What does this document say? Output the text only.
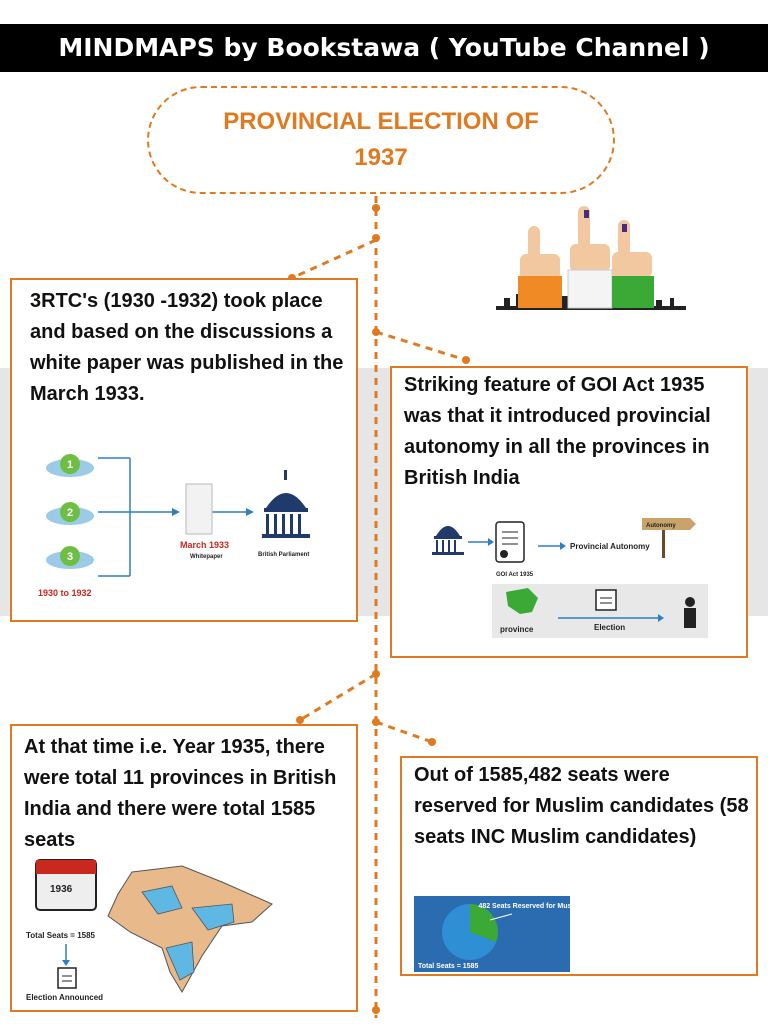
MINDMAPS by Bookstawa ( YouTube Channel )
PROVINCIAL ELECTION OF
1937

3RTC's (1930 -1932) took place and based on the discussions a white paper was published in the March 1933.

1
2
3
March 1933
Whitepaper	British Parliament
1930 to 1932

Striking feature of GOI Act 1935 was that it introduced provincial autonomy in all the provinces in British India

GOI Act 1935
Provincial Autonomy
Autonomy
province	Election

At that time i.e. Year 1935, there were total 11 provinces in British India and there were total 1585 seats

1936
Total Seats = 1585
Election Announced

Out of 1585,482 seats were reserved for Muslim candidates (58 seats INC Muslim candidates)

482 Seats Reserved for Muslim
Total Seats = 1585
